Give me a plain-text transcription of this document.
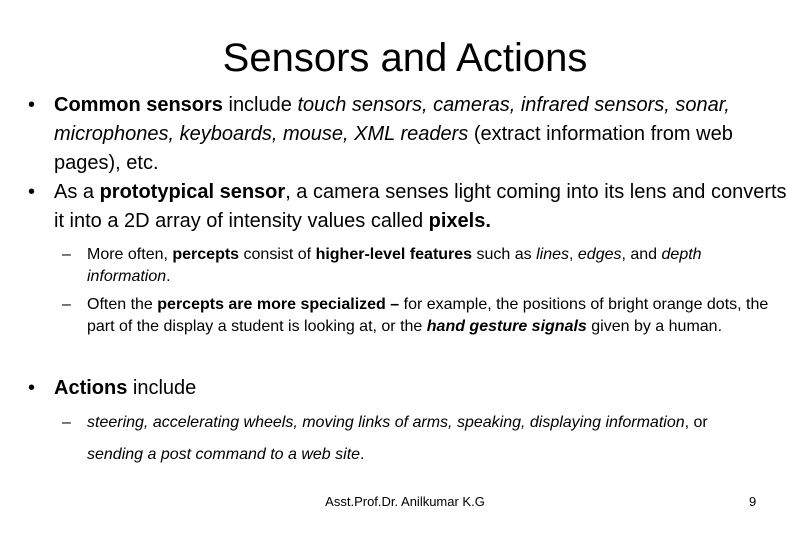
Sensors and Actions
• Common sensors include touch sensors, cameras, infrared sensors, sonar, microphones, keyboards, mouse, XML readers (extract information from web pages), etc.
• As a prototypical sensor, a camera senses light coming into its lens and converts it into a 2D array of intensity values called pixels.
– More often, percepts consist of higher-level features such as lines, edges, and depth information.
– Often the percepts are more specialized – for example, the positions of bright orange dots, the part of the display a student is looking at, or the hand gesture signals given by a human.
• Actions include
– steering, accelerating wheels, moving links of arms, speaking, displaying information, or sending a post command to a web site.
Asst.Prof.Dr. Anilkumar K.G	9
